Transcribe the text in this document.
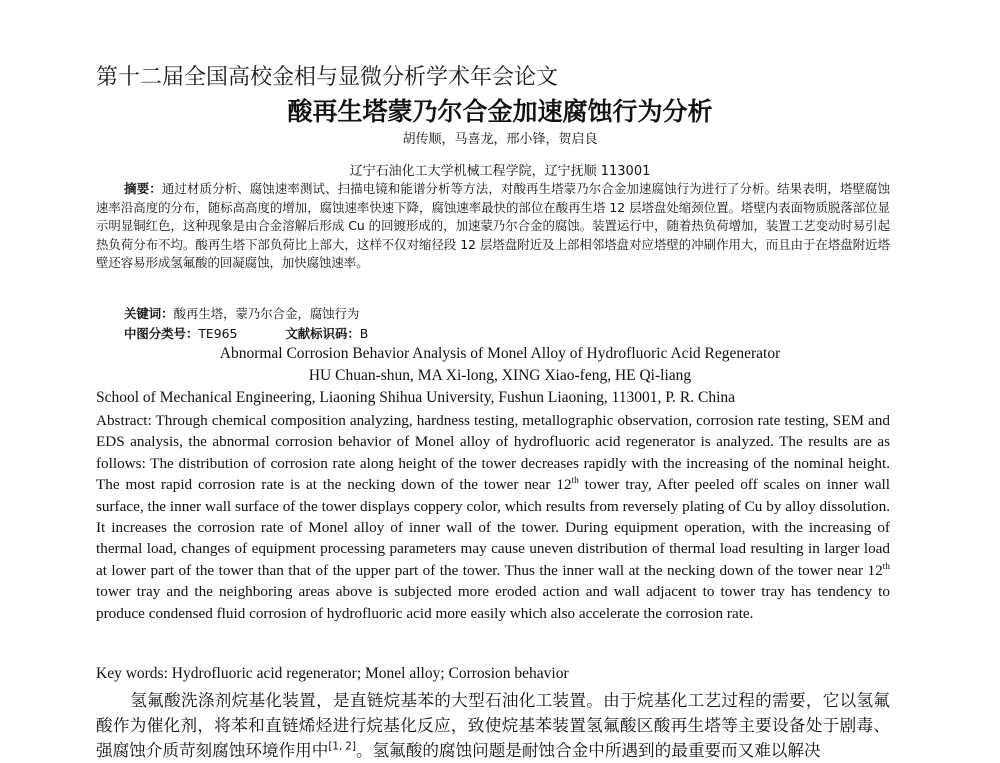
第十二届全国高校金相与显微分析学术年会论文
酸再生塔蒙乃尔合金加速腐蚀行为分析
胡传顺，马喜龙，邢小锋，贺启良
辽宁石油化工大学机械工程学院，辽宁抚顺 113001
摘要：通过材质分析、腐蚀速率测试、扫描电镜和能谱分析等方法，对酸再生塔蒙乃尔合金加速腐蚀行为进行了分析。结果表明，塔壁腐蚀速率沿高度的分布，随标高高度的增加，腐蚀速率快速下降，腐蚀速率最快的部位在酸再生塔 12 层塔盘处缩颈位置。塔壁内表面物质脱落部位显示明显铜红色，这种现象是由合金溶解后形成 Cu 的回镀形成的，加速蒙乃尔合金的腐蚀。装置运行中，随着热负荷增加，装置工艺变动时易引起热负荷分布不均。酸再生塔下部负荷比上部大，这样不仅对缩径段 12 层塔盘附近及上部相邻塔盘对应塔壁的冲刷作用大，而且由于在塔盘附近塔壁还容易形成氢氟酸的回凝腐蚀，加快腐蚀速率。
关键词：酸再生塔，蒙乃尔合金，腐蚀行为
中图分类号：TE965	文献标识码：B
Abnormal Corrosion Behavior Analysis of Monel Alloy of Hydrofluoric Acid Regenerator
HU Chuan-shun, MA Xi-long, XING Xiao-feng, HE Qi-liang
School of Mechanical Engineering, Liaoning Shihua University, Fushun Liaoning, 113001, P. R. China
Abstract: Through chemical composition analyzing, hardness testing, metallographic observation, corrosion rate testing, SEM and EDS analysis, the abnormal corrosion behavior of Monel alloy of hydrofluoric acid regenerator is analyzed. The results are as follows: The distribution of corrosion rate along height of the tower decreases rapidly with the increasing of the nominal height. The most rapid corrosion rate is at the necking down of the tower near 12th tower tray, After peeled off scales on inner wall surface, the inner wall surface of the tower displays coppery color, which results from reversely plating of Cu by alloy dissolution. It increases the corrosion rate of Monel alloy of inner wall of the tower. During equipment operation, with the increasing of thermal load, changes of equipment processing parameters may cause uneven distribution of thermal load resulting in larger load at lower part of the tower than that of the upper part of the tower. Thus the inner wall at the necking down of the tower near 12th tower tray and the neighboring areas above is subjected more eroded action and wall adjacent to tower tray has tendency to produce condensed fluid corrosion of hydrofluoric acid more easily which also accelerate the corrosion rate.
Key words: Hydrofluoric acid regenerator; Monel alloy; Corrosion behavior
氢氟酸洗涤剂烷基化装置，是直链烷基苯的大型石油化工装置。由于烷基化工艺过程的需要，它以氢氟酸作为催化剂，将苯和直链烯烃进行烷基化反应，致使烷基苯装置氢氟酸区酸再生塔等主要设备处于剧毒、强腐蚀介质苛刻腐蚀环境作用中[1, 2]。氢氟酸的腐蚀问题是耐蚀合金中所遇到的最重要而又难以解决
